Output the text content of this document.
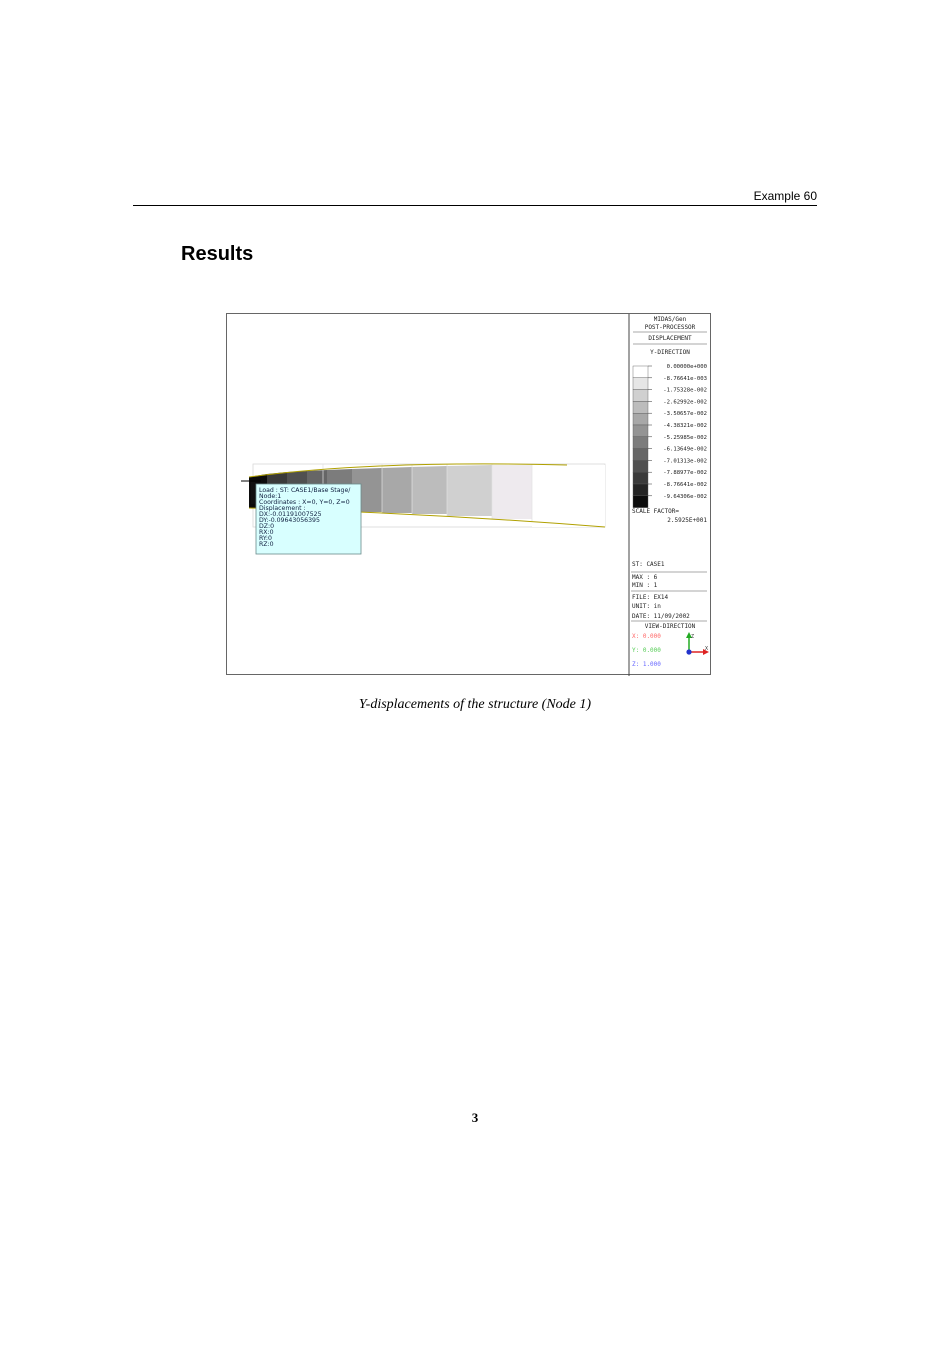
Example 60
Results
Load : ST: CASE1/Base Stage/
Node:1
Coordinates : X=0, Y=0, Z=0
Displacement :
DX:-0.01191007525
DY:-0.09643056395
DZ:0
RX:0
RY:0
RZ:0
MIDAS/Gen
POST-PROCESSOR
DISPLACEMENT
Y-DIRECTION
0.00000e+000
-8.76641e-003
-1.75328e-002
-2.62992e-002
-3.50657e-002
-4.38321e-002
-5.25985e-002
-6.13649e-002
-7.01313e-002
-7.88977e-002
-8.76641e-002
-9.64306e-002
SCALE FACTOR=
2.5925E+001
ST: CASE1
MAX : 6
MIN : 1
FILE: EX14
UNIT: in
DATE: 11/09/2002
VIEW-DIRECTION
X: 0.000
Y: 0.000
Z: 1.000
Z
X
Y-displacements of the structure (Node 1)
3
